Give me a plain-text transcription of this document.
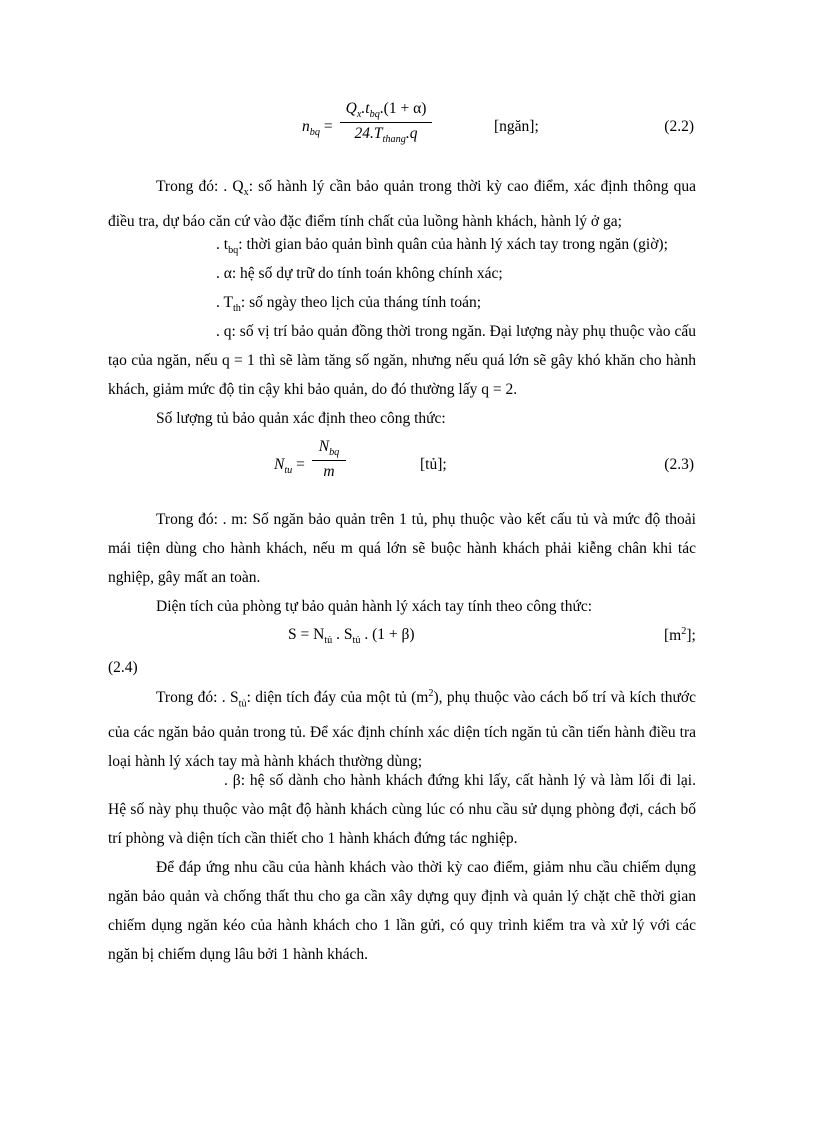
$n_{bq}$ =
$Q_x.t_{bq}.(1 + \alpha)$
$24.T_{thang}.q$	[ngăn];	(2.2)

Trong đó: . $Q_x$: số hành lý cần bảo quản trong thời kỳ cao điểm, xác định thông qua điều tra, dự báo căn cứ vào đặc điểm tính chất của luồng hành khách, hành lý ở ga;

. $t_{bq}$: thời gian bảo quản bình quân của hành lý xách tay trong ngăn (giờ);

. α: hệ số dự trữ do tính toán không chính xác;

. $T_{th}$: số ngày theo lịch của tháng tính toán;

. q: số vị trí bảo quản đồng thời trong ngăn. Đại lượng này phụ thuộc vào cấu tạo của ngăn, nếu q = 1 thì sẽ làm tăng số ngăn, nhưng nếu quá lớn sẽ gây khó khăn cho hành khách, giảm mức độ tin cậy khi bảo quản, do đó thường lấy q = 2.

Số lượng tủ bảo quản xác định theo công thức:

$N_{tu}$ =
$N_{bq}$
m	[tủ];	(2.3)

Trong đó: . m: Số ngăn bảo quản trên 1 tủ, phụ thuộc vào kết cấu tủ và mức độ thoải mái tiện dùng cho hành khách, nếu m quá lớn sẽ buộc hành khách phải kiễng chân khi tác nghiệp, gây mất an toàn.

Diện tích của phòng tự bảo quản hành lý xách tay tính theo công thức:

$S = N_{tủ}$ . $S_{tủ}$ . (1 + β)	$[m^2]$;
(2.4)

Trong đó: . $S_{tủ}$: diện tích đáy của một tủ $(m^2)$, phụ thuộc vào cách bố trí và kích thước của các ngăn bảo quản trong tủ. Để xác định chính xác diện tích ngăn tủ cần tiến hành điều tra loại hành lý xách tay mà hành khách thường dùng;

. β: hệ số dành cho hành khách đứng khi lấy, cất hành lý và làm lối đi lại. Hệ số này phụ thuộc vào mật độ hành khách cùng lúc có nhu cầu sử dụng phòng đợi, cách bố trí phòng và diện tích cần thiết cho 1 hành khách đứng tác nghiệp.

Để đáp ứng nhu cầu của hành khách vào thời kỳ cao điểm, giảm nhu cầu chiếm dụng ngăn bảo quản và chống thất thu cho ga cần xây dựng quy định và quản lý chặt chẽ thời gian chiếm dụng ngăn kéo của hành khách cho 1 lần gửi, có quy trình kiểm tra và xử lý với các ngăn bị chiếm dụng lâu bởi 1 hành khách.
